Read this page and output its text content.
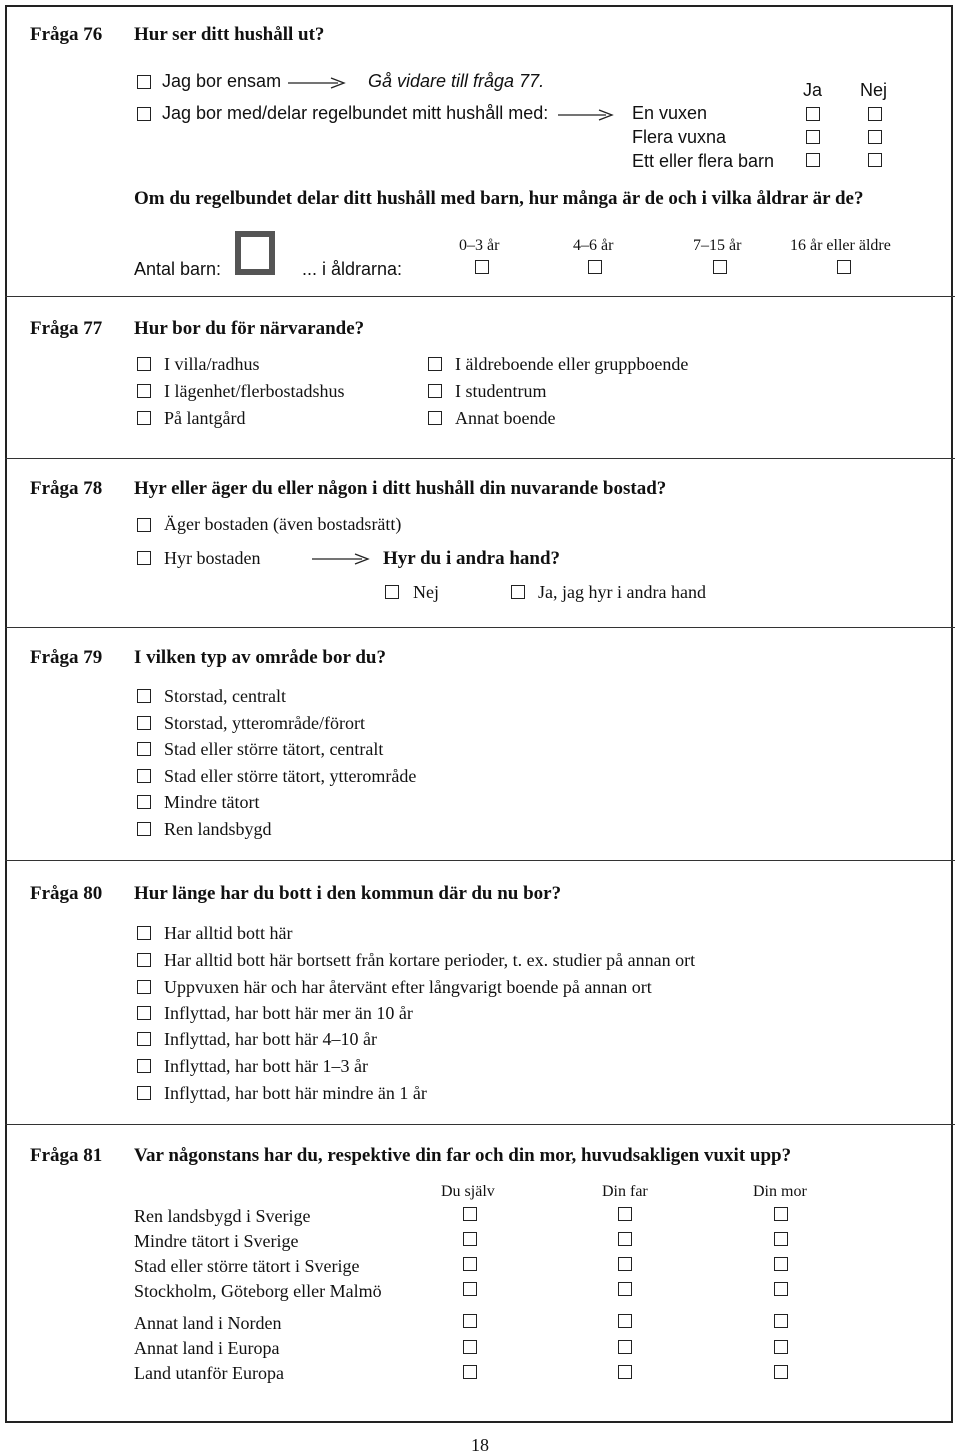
Fråga 76 Hur ser ditt hushåll ut?
Jag bor ensam	Gå vidare till fråga 77.	Ja Nej
Jag bor med/delar regelbundet mitt hushåll med:	En vuxen
Flera vuxna
Ett eller flera barn
Om du regelbundet delar ditt hushåll med barn, hur många är de och i vilka åldrar är de?
0–3 år	4–6 år	7–15 år	16 år eller äldre
Antal barn:	... i åldrarna:
Fråga 77 Hur bor du för närvarande?
I villa/radhus
I lägenhet/flerbostadshus
På lantgård
I äldreboende eller gruppboende
I studentrum
Annat boende
Fråga 78 Hyr eller äger du eller någon i ditt hushåll din nuvarande bostad?
Äger bostaden (även bostadsrätt)
Hyr bostaden	Hyr du i andra hand?
Nej	Ja, jag hyr i andra hand
Fråga 79 I vilken typ av område bor du?
Storstad, centralt
Storstad, ytterområde/förort
Stad eller större tätort, centralt
Stad eller större tätort, ytterområde
Mindre tätort
Ren landsbygd
Fråga 80 Hur länge har du bott i den kommun där du nu bor?
Har alltid bott här
Har alltid bott här bortsett från kortare perioder, t. ex. studier på annan ort
Uppvuxen här och har återvänt efter långvarigt boende på annan ort
Inflyttad, har bott här mer än 10 år
Inflyttad, har bott här 4–10 år
Inflyttad, har bott här 1–3 år
Inflyttad, har bott här mindre än 1 år
Fråga 81 Var någonstans har du, respektive din far och din mor, huvudsakligen vuxit upp?
Du själv	Din far	Din mor
Ren landsbygd i Sverige
Mindre tätort i Sverige
Stad eller större tätort i Sverige
Stockholm, Göteborg eller Malmö
Annat land i Norden
Annat land i Europa
Land utanför Europa
18
